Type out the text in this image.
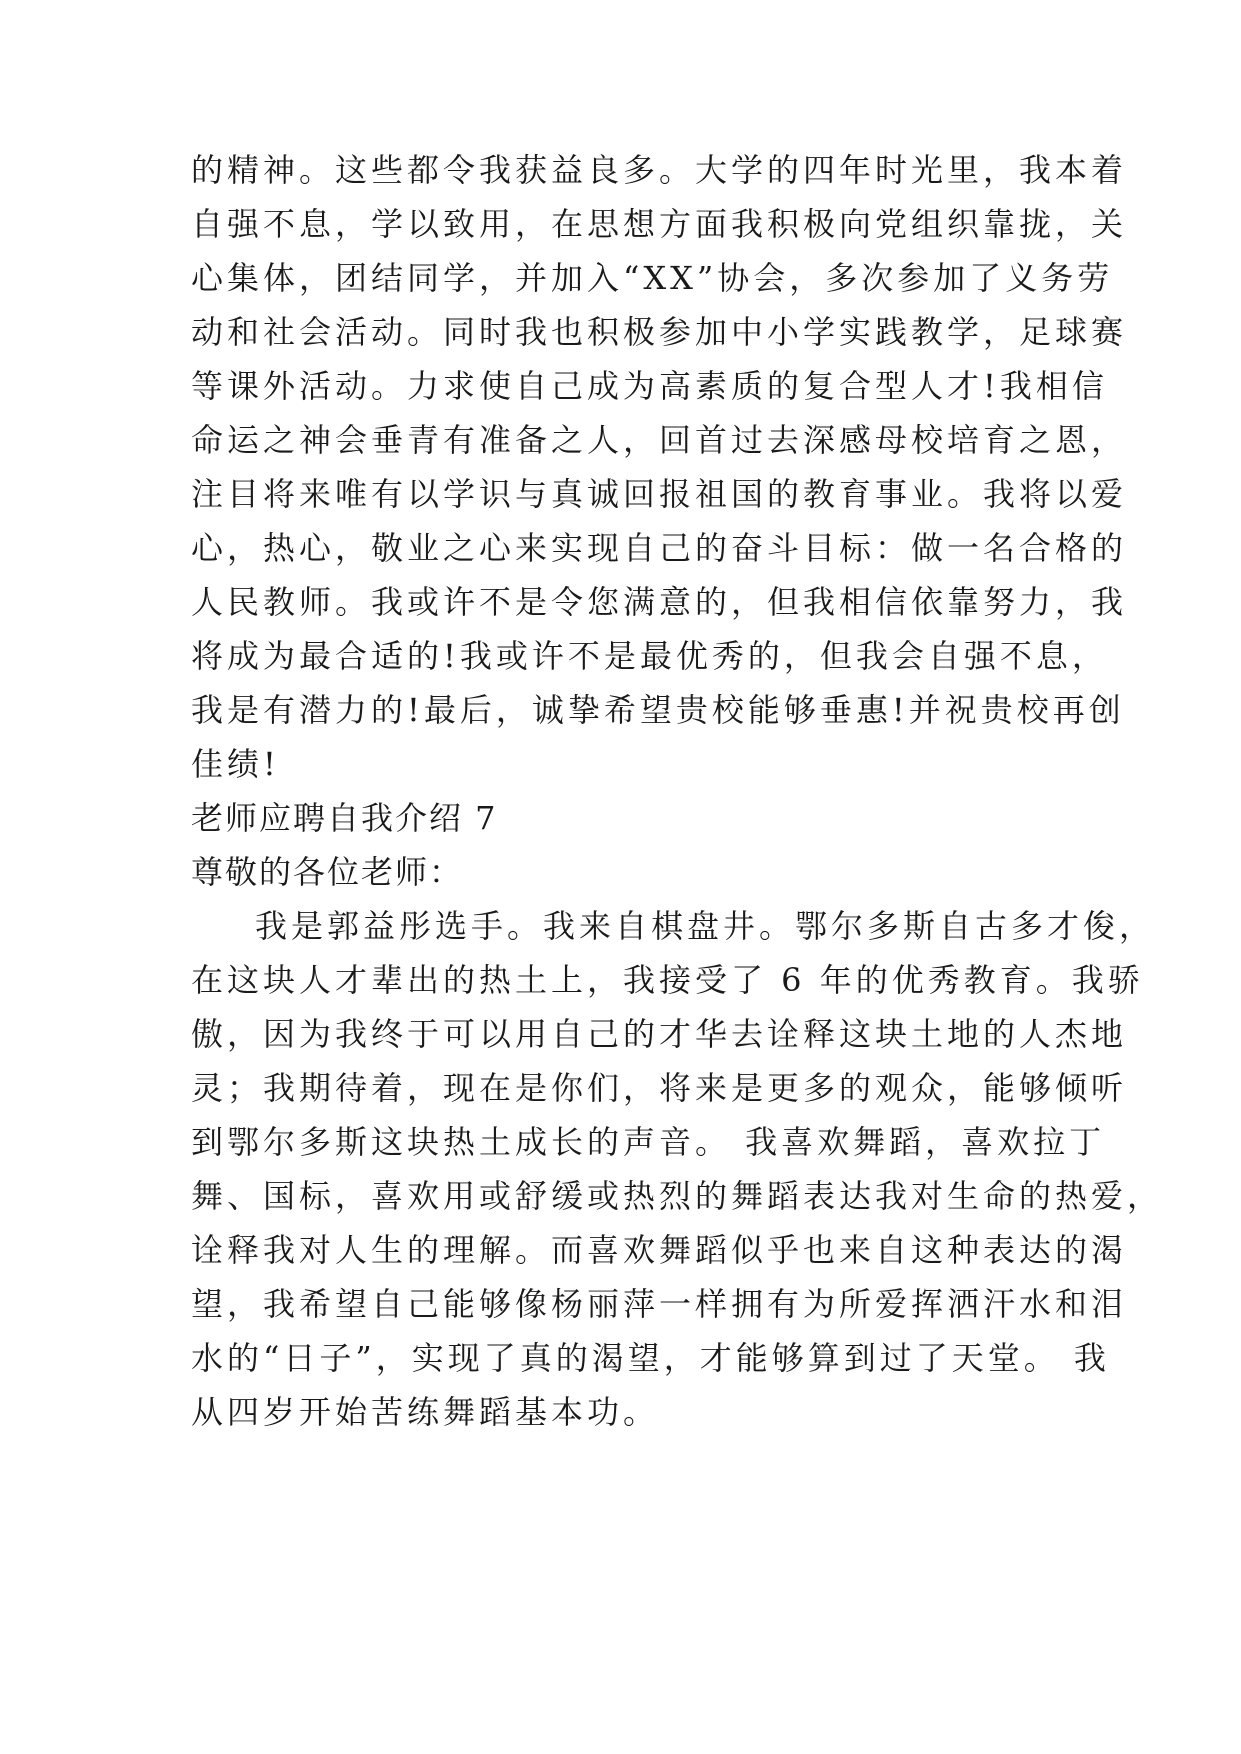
的精神。这些都令我获益良多。大学的四年时光里，我本着
自强不息，学以致用，在思想方面我积极向党组织靠拢，关
心集体，团结同学，并加入“XX”协会，多次参加了义务劳
动和社会活动。同时我也积极参加中小学实践教学，足球赛
等课外活动。力求使自己成为高素质的复合型人才!我相信
命运之神会垂青有准备之人，回首过去深感母校培育之恩，
注目将来唯有以学识与真诚回报祖国的教育事业。我将以爱
心，热心，敬业之心来实现自己的奋斗目标：做一名合格的
人民教师。我或许不是令您满意的，但我相信依靠努力，我
将成为最合适的!我或许不是最优秀的，但我会自强不息，
我是有潜力的!最后，诚挚希望贵校能够垂惠!并祝贵校再创
佳绩!
老师应聘自我介绍 7
尊敬的各位老师：
我是郭益彤选手。我来自棋盘井。鄂尔多斯自古多才俊，
在这块人才辈出的热土上，我接受了 6 年的优秀教育。我骄
傲，因为我终于可以用自己的才华去诠释这块土地的人杰地
灵；我期待着，现在是你们，将来是更多的观众，能够倾听
到鄂尔多斯这块热土成长的声音。 我喜欢舞蹈，喜欢拉丁
舞、国标，喜欢用或舒缓或热烈的舞蹈表达我对生命的热爱，
诠释我对人生的理解。而喜欢舞蹈似乎也来自这种表达的渴
望，我希望自己能够像杨丽萍一样拥有为所爱挥洒汗水和泪
水的“日子”，实现了真的渴望，才能够算到过了天堂。 我
从四岁开始苦练舞蹈基本功。
